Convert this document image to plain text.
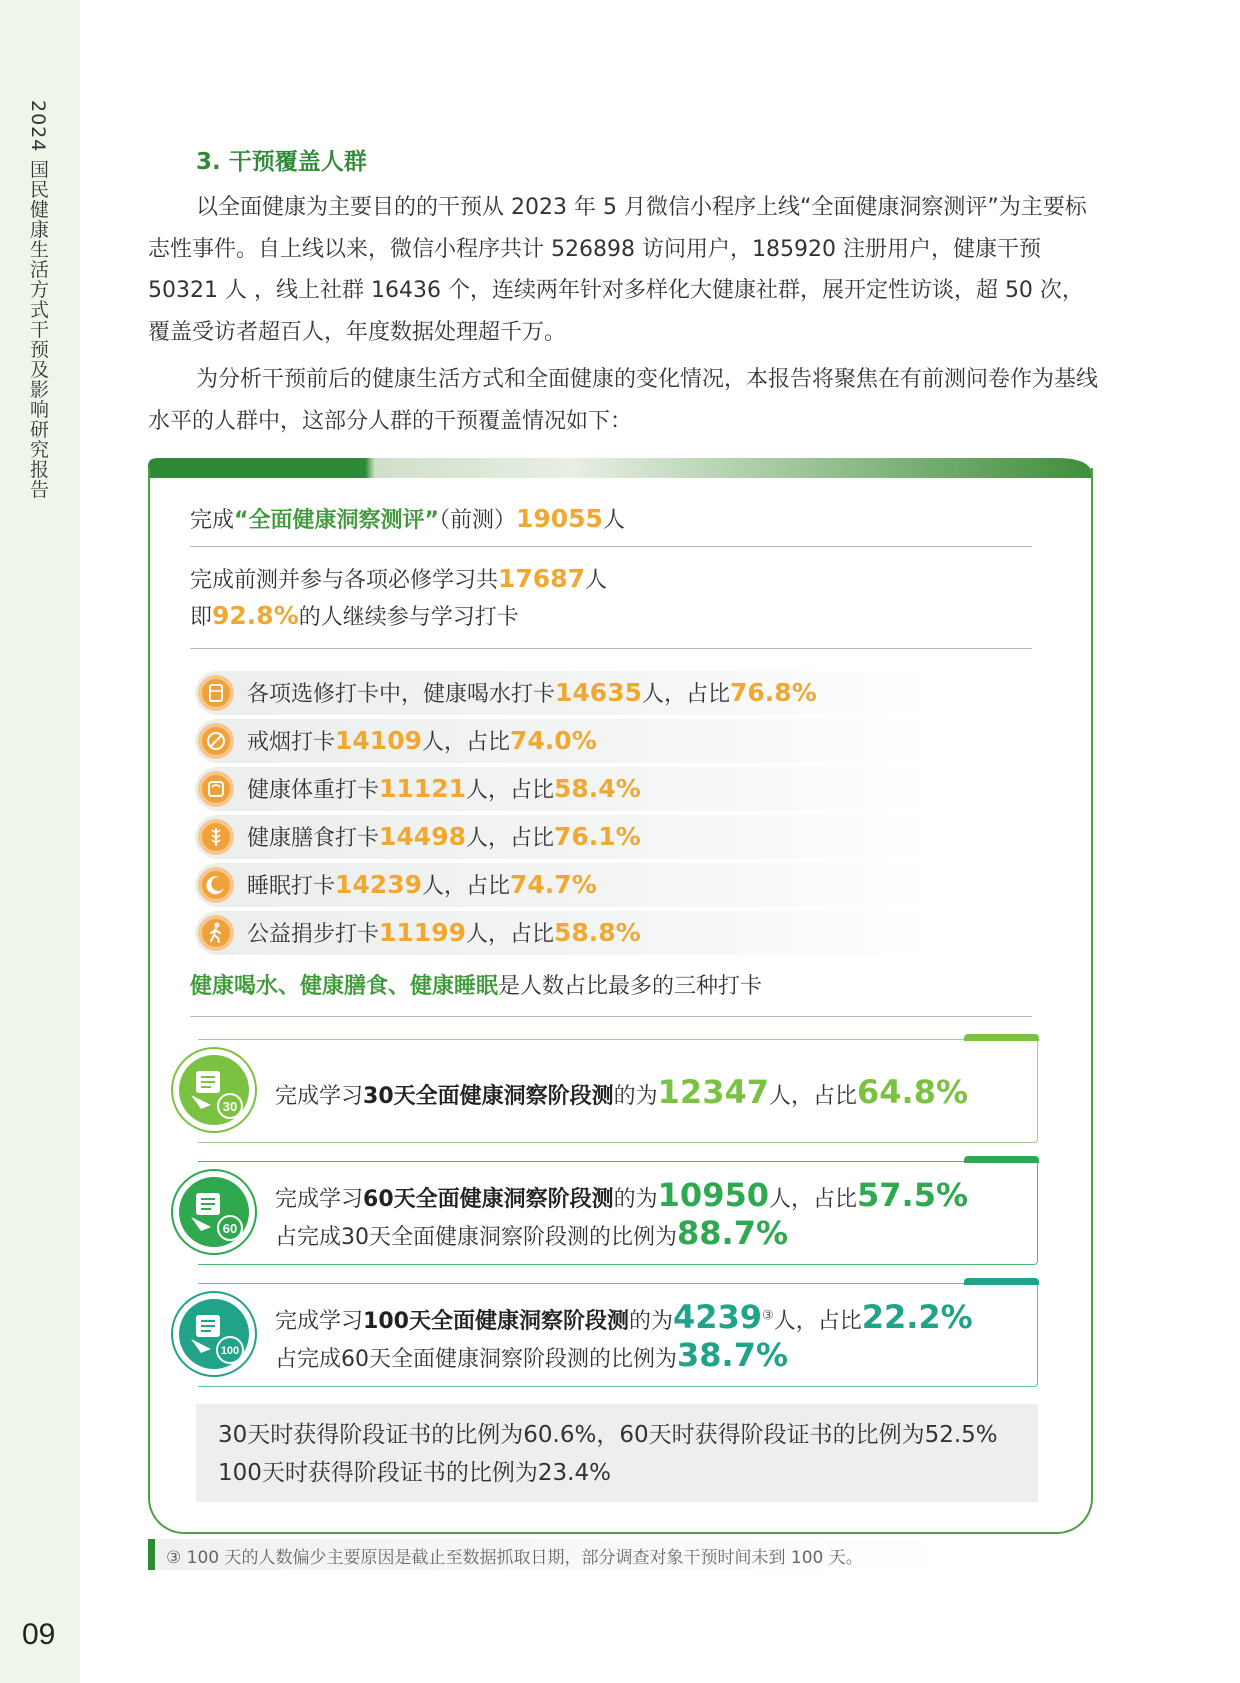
2024 国民健康生活方式干预及影响研究报告
09
3. 干预覆盖人群

以全面健康为主要目的的干预从 2023 年 5 月微信小程序上线“全面健康洞察测评”为主要标志性事件。自上线以来，微信小程序共计 526898 访问用户，185920 注册用户，健康干预 50321 人 ，线上社群 16436 个，连续两年针对多样化大健康社群，展开定性访谈，超 50 次，覆盖受访者超百人，年度数据处理超千万。

为分析干预前后的健康生活方式和全面健康的变化情况，本报告将聚焦在有前测问卷作为基线水平的人群中，这部分人群的干预覆盖情况如下：

完成“全面健康洞察测评”（前测）19055人
完成前测并参与各项必修学习共17687人
即92.8%的人继续参与学习打卡
各项选修打卡中，健康喝水打卡14635人，占比76.8%
戒烟打卡14109人，占比74.0%
健康体重打卡11121人，占比58.4%
健康膳食打卡14498人，占比76.1%
睡眠打卡14239人，占比74.7%
公益捐步打卡11199人，占比58.8%
健康喝水、健康膳食、健康睡眠是人数占比最多的三种打卡
完成学习30天全面健康洞察阶段测的为12347人，占比64.8%
30
完成学习60天全面健康洞察阶段测的为10950人，占比57.5%
占完成30天全面健康洞察阶段测的比例为88.7%
60
完成学习100天全面健康洞察阶段测的为4239③人，占比22.2%
占完成60天全面健康洞察阶段测的比例为38.7%
100
30天时获得阶段证书的比例为60.6%，60天时获得阶段证书的比例为52.5%
100天时获得阶段证书的比例为23.4%
③ 100 天的人数偏少主要原因是截止至数据抓取日期，部分调查对象干预时间未到 100 天。
